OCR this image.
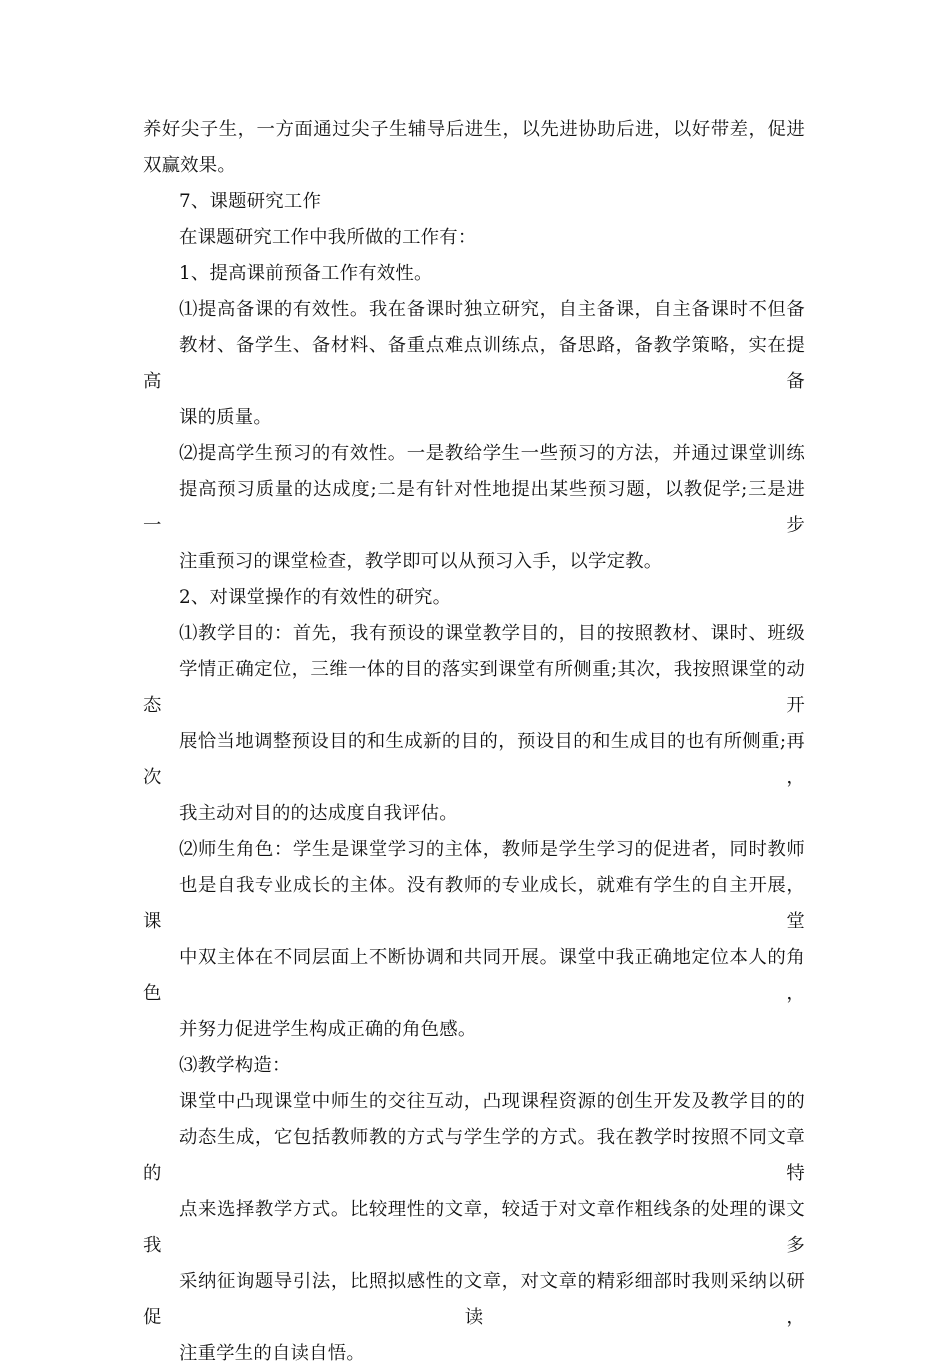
养好尖子生，一方面通过尖子生辅导后进生，以先进协助后进，以好带差，促进
双赢效果。

7、课题研究工作

在课题研究工作中我所做的工作有：

1、提高课前预备工作有效性。

⑴提高备课的有效性。我在备课时独立研究，自主备课，自主备课时不但备
教材、备学生、备材料、备重点难点训练点，备思路，备教学策略，实在提高备
课的质量。

⑵提高学生预习的有效性。一是教给学生一些预习的方法，并通过课堂训练
提高预习质量的达成度;二是有针对性地提出某些预习题，以教促学;三是进一步
注重预习的课堂检查，教学即可以从预习入手，以学定教。

2、对课堂操作的有效性的研究。

⑴教学目的：首先，我有预设的课堂教学目的，目的按照教材、课时、班级
学情正确定位，三维一体的目的落实到课堂有所侧重;其次，我按照课堂的动态开
展恰当地调整预设目的和生成新的目的，预设目的和生成目的也有所侧重;再次，
我主动对目的的达成度自我评估。

⑵师生角色：学生是课堂学习的主体，教师是学生学习的促进者，同时教师
也是自我专业成长的主体。没有教师的专业成长，就难有学生的自主开展，课堂
中双主体在不同层面上不断协调和共同开展。课堂中我正确地定位本人的角色，
并努力促进学生构成正确的角色感。

⑶教学构造：

课堂中凸现课堂中师生的交往互动，凸现课程资源的创生开发及教学目的的
动态生成，它包括教师教的方式与学生学的方式。我在教学时按照不同文章的特
点来选择教学方式。比较理性的文章，较适于对文章作粗线条的处理的课文我多
采纳征询题导引法，比照拟感性的文章，对文章的精彩细部时我则采纳以研促读，
注重学生的自读自悟。
